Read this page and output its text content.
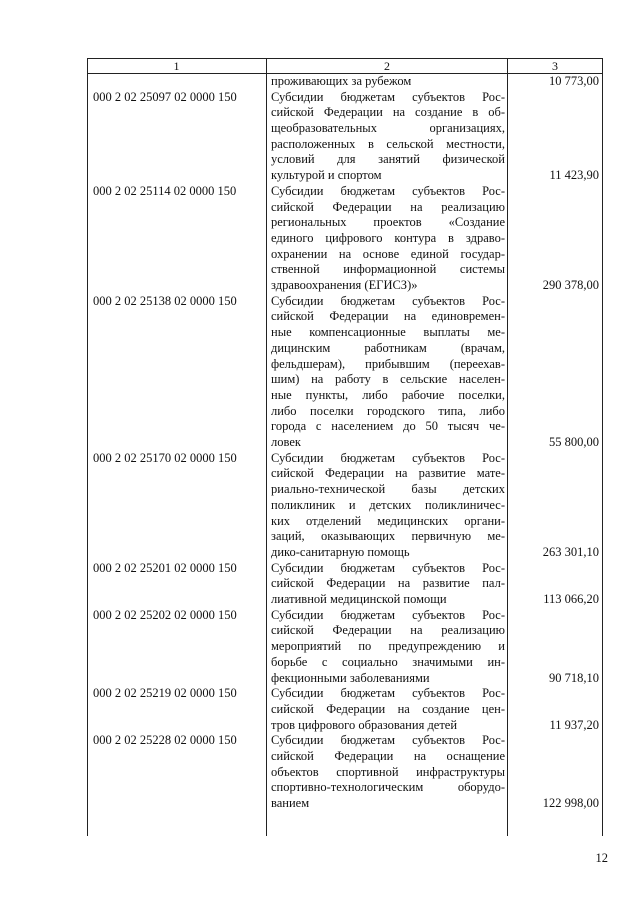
1	2	3
проживающих за рубежом	10 773,00
000 2 02 25097 02 0000 150	Субсидии бюджетам субъектов Рос-
сийской Федерации на создание в об-
щеобразовательных организациях,
расположенных в сельской местности,
условий для занятий физической
культурой и спортом	11 423,90
000 2 02 25114 02 0000 150	Субсидии бюджетам субъектов Рос-
сийской Федерации на реализацию
региональных проектов «Создание
единого цифрового контура в здраво-
охранении на основе единой государ-
ственной информационной системы
здравоохранения (ЕГИСЗ)»	290 378,00
000 2 02 25138 02 0000 150	Субсидии бюджетам субъектов Рос-
сийской Федерации на единовремен-
ные компенсационные выплаты ме-
дицинским работникам (врачам,
фельдшерам), прибывшим (переехав-
шим) на работу в сельские населен-
ные пункты, либо рабочие поселки,
либо поселки городского типа, либо
города с населением до 50 тысяч че-
ловек	55 800,00
000 2 02 25170 02 0000 150	Субсидии бюджетам субъектов Рос-
сийской Федерации на развитие мате-
риально-технической базы детских
поликлиник и детских поликлиничес-
ких отделений медицинских органи-
заций, оказывающих первичную ме-
дико-санитарную помощь	263 301,10
000 2 02 25201 02 0000 150	Субсидии бюджетам субъектов Рос-
сийской Федерации на развитие пал-
лиативной медицинской помощи	113 066,20
000 2 02 25202 02 0000 150	Субсидии бюджетам субъектов Рос-
сийской Федерации на реализацию
мероприятий по предупреждению и
борьбе с социально значимыми ин-
фекционными заболеваниями	90 718,10
000 2 02 25219 02 0000 150	Субсидии бюджетам субъектов Рос-
сийской Федерации на создание цен-
тров цифрового образования детей	11 937,20
000 2 02 25228 02 0000 150	Субсидии бюджетам субъектов Рос-
сийской Федерации на оснащение
объектов спортивной инфраструктуры
спортивно-технологическим оборудо-
ванием	122 998,00
12
